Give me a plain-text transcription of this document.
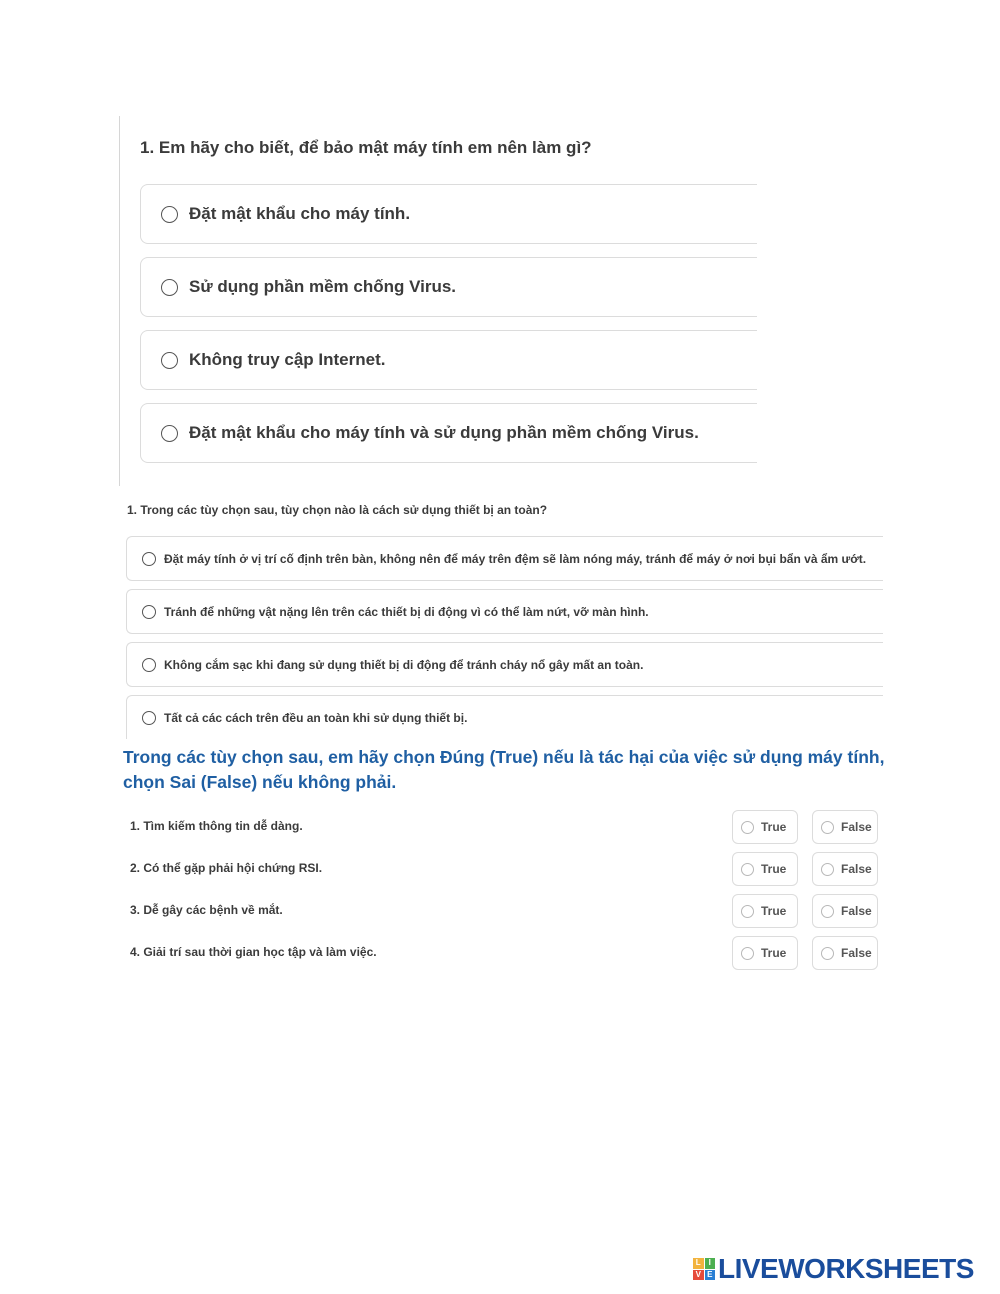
1. Em hãy cho biết, để bảo mật máy tính em nên làm gì?
Đặt mật khẩu cho máy tính.
Sử dụng phần mềm chống Virus.
Không truy cập Internet.
Đặt mật khẩu cho máy tính và sử dụng phần mềm chống Virus.
1. Trong các tùy chọn sau, tùy chọn nào là cách sử dụng thiết bị an toàn?
Đặt máy tính ở vị trí cố định trên bàn, không nên để máy trên đệm sẽ làm nóng máy, tránh để máy ở nơi bụi bẩn và ẩm ướt.
Tránh để những vật nặng lên trên các thiết bị di động vì có thể làm nứt, vỡ màn hình.
Không cắm sạc khi đang sử dụng thiết bị di động để tránh cháy nổ gây mất an toàn.
Tất cả các cách trên đều an toàn khi sử dụng thiết bị.
Trong các tùy chọn sau, em hãy chọn Đúng (True) nếu là tác hại của việc sử dụng máy tính, chọn Sai (False) nếu không phải.
1. Tìm kiếm thông tin dễ dàng.	True	False
2. Có thể gặp phải hội chứng RSI.	True	False
3. Dễ gây các bệnh về mắt.	True	False
4. Giải trí sau thời gian học tập và làm việc.	True	False
L I
V E LIVEWORKSHEETS
